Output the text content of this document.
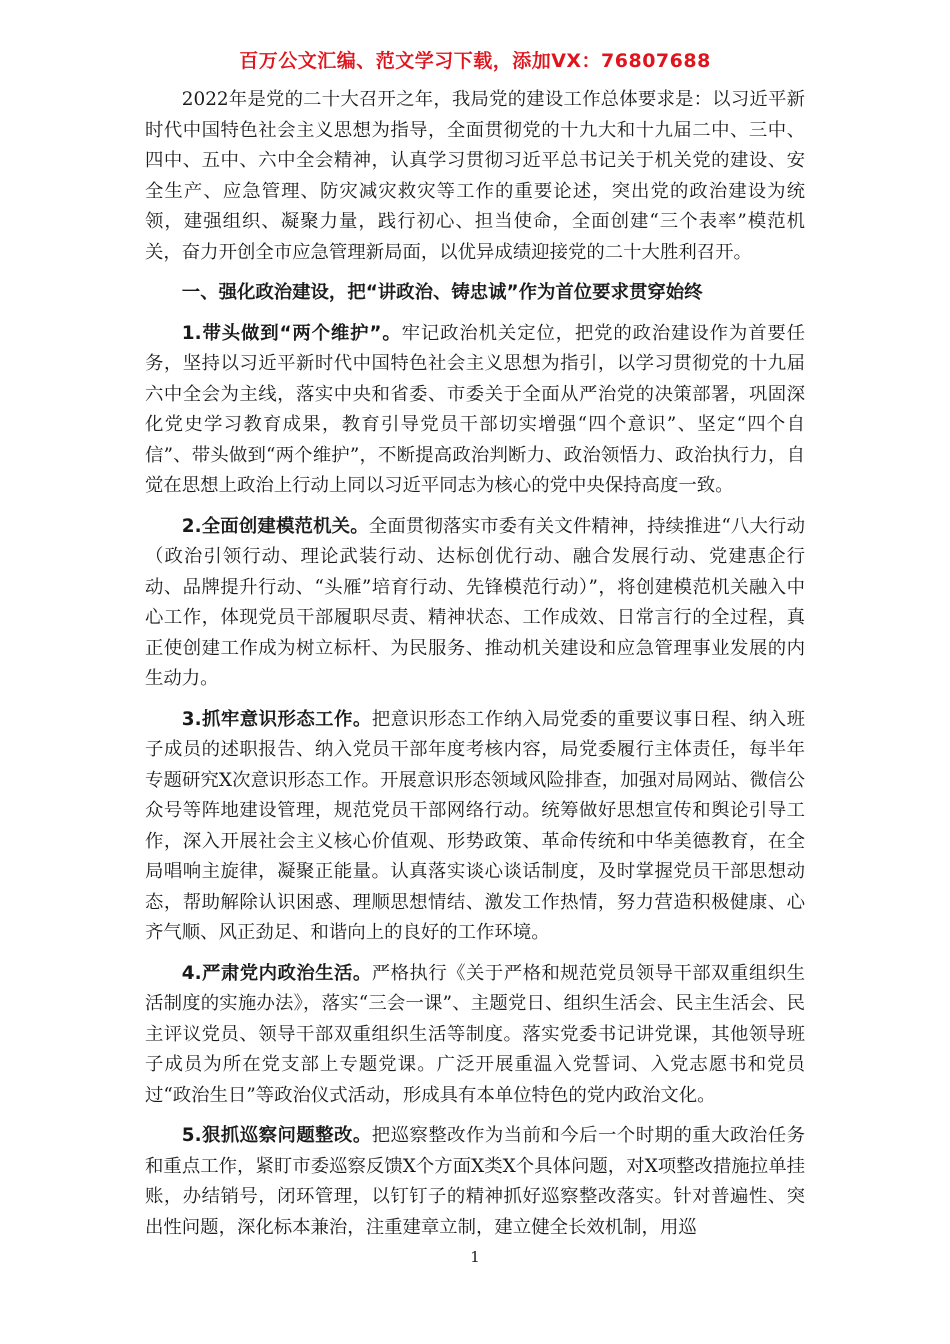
百万公文汇编、范文学习下载，添加VX：76807688

2022年是党的二十大召开之年，我局党的建设工作总体要求是：以习近平新时代中国特色社会主义思想为指导，全面贯彻党的十九大和十九届二中、三中、四中、五中、六中全会精神，认真学习贯彻习近平总书记关于机关党的建设、安全生产、应急管理、防灾减灾救灾等工作的重要论述，突出党的政治建设为统领，建强组织、凝聚力量，践行初心、担当使命，全面创建“三个表率”模范机关，奋力开创全市应急管理新局面，以优异成绩迎接党的二十大胜利召开。

一、强化政治建设，把“讲政治、铸忠诚”作为首位要求贯穿始终

1.带头做到“两个维护”。牢记政治机关定位，把党的政治建设作为首要任务，坚持以习近平新时代中国特色社会主义思想为指引，以学习贯彻党的十九届六中全会为主线，落实中央和省委、市委关于全面从严治党的决策部署，巩固深化党史学习教育成果，教育引导党员干部切实增强“四个意识”、坚定“四个自信”、带头做到“两个维护”，不断提高政治判断力、政治领悟力、政治执行力，自觉在思想上政治上行动上同以习近平同志为核心的党中央保持高度一致。

2.全面创建模范机关。全面贯彻落实市委有关文件精神，持续推进“八大行动（政治引领行动、理论武装行动、达标创优行动、融合发展行动、党建惠企行动、品牌提升行动、“头雁”培育行动、先锋模范行动）”，将创建模范机关融入中心工作，体现党员干部履职尽责、精神状态、工作成效、日常言行的全过程，真正使创建工作成为树立标杆、为民服务、推动机关建设和应急管理事业发展的内生动力。

3.抓牢意识形态工作。把意识形态工作纳入局党委的重要议事日程、纳入班子成员的述职报告、纳入党员干部年度考核内容，局党委履行主体责任，每半年专题研究X次意识形态工作。开展意识形态领域风险排查，加强对局网站、微信公众号等阵地建设管理，规范党员干部网络行动。统筹做好思想宣传和舆论引导工作，深入开展社会主义核心价值观、形势政策、革命传统和中华美德教育，在全局唱响主旋律，凝聚正能量。认真落实谈心谈话制度，及时掌握党员干部思想动态，帮助解除认识困惑、理顺思想情结、激发工作热情，努力营造积极健康、心齐气顺、风正劲足、和谐向上的良好的工作环境。

4.严肃党内政治生活。严格执行《关于严格和规范党员领导干部双重组织生活制度的实施办法》，落实“三会一课”、主题党日、组织生活会、民主生活会、民主评议党员、领导干部双重组织生活等制度。落实党委书记讲党课，其他领导班子成员为所在党支部上专题党课。广泛开展重温入党誓词、入党志愿书和党员过“政治生日”等政治仪式活动，形成具有本单位特色的党内政治文化。

5.狠抓巡察问题整改。把巡察整改作为当前和今后一个时期的重大政治任务和重点工作，紧盯市委巡察反馈X个方面X类X个具体问题，对X项整改措施拉单挂账，办结销号，闭环管理，以钉钉子的精神抓好巡察整改落实。针对普遍性、突出性问题，深化标本兼治，注重建章立制，建立健全长效机制，用巡

1
